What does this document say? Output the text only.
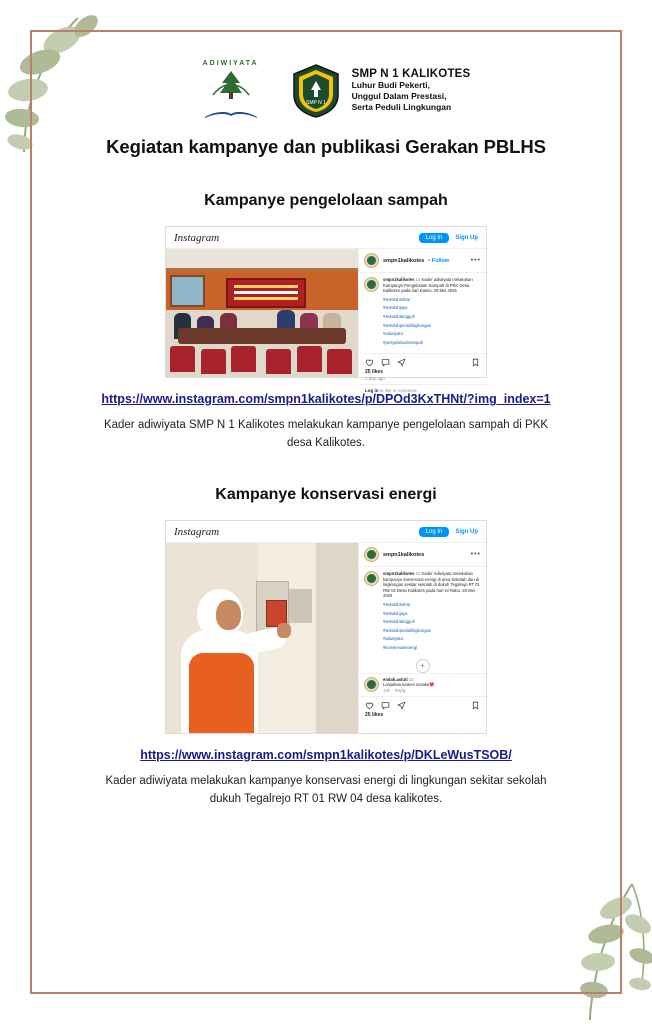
ADIWIYATA

SMP N 1
SMP N 1 KALIKOTES
Luhur Budi Pekerti,
Unggul Dalam Prestasi,
Serta Peduli Lingkungan
Kegiatan kampanye dan publikasi Gerakan PBLHS
Kampanye pengelolaan sampah
Instagram	Log In	Sign Up
smpn1kalikotes • Follow	•••
smpn1kalikotes 1d Kader adiwiyata melakukan Kampanye Pengelolaan Sampah di PKK Desa Kalikotes pada hari Kamis, 29 Mei 2025
#sekolahsehat
#sekolahjaya
#sekolahtangguh
#sekolahpedulilingkungan
#adiwiyata
#pengelolaansampah
25 likes
1 day ago
Log in to like or comment.
https://www.instagram.com/smpn1kalikotes/p/DPOd3KxTHNt/?img_index=1

Kader adiwiyata SMP N 1 Kalikotes melakukan kampanye pengelolaan sampah di PKK desa Kalikotes.

Kampanye konservasi energi
Instagram	Log In	Sign Up
smpn1kalikotes	•••
smpn1kalikotes 2d Kader Adiwiyata melakukan kampanye konservasi energi di area Sekolah dan di lingkungan sekitar sekolah di dukuh Tegalrejo RT 01 RW 04 Desa Kalikotes pada hari ini Rabu, 28 Mei 2025
#sekolahsehat
#sekolahjaya
#sekolahtangguh
#sekolahpedulilingkungan
#adiwiyata
#konservasienergi
+
endah.astuti 1d
Lanjutkan,kamen sosaku❤️
14h  · Reply
25 likes
https://www.instagram.com/smpn1kalikotes/p/DKLeWusTSOB/

Kader adiwiyata melakukan kampanye konservasi energi di lingkungan sekitar sekolah dukuh Tegalrejo RT 01 RW 04 desa kalikotes.
